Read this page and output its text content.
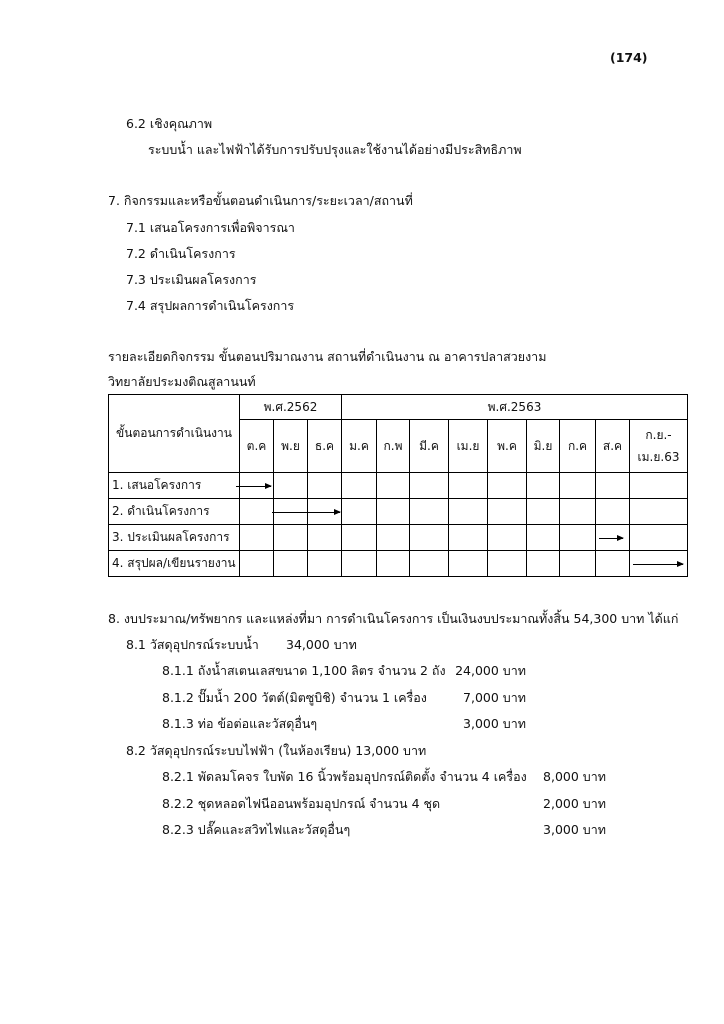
(174)
6.2 เชิงคุณภาพ
ระบบน้ำ และไฟฟ้าได้รับการปรับปรุงและใช้งานได้อย่างมีประสิทธิภาพ
7. กิจกรรมและหรือขั้นตอนดำเนินการ/ระยะเวลา/สถานที่
7.1 เสนอโครงการเพื่อพิจารณา
7.2 ดำเนินโครงการ
7.3 ประเมินผลโครงการ
7.4 สรุปผลการดำเนินโครงการ
รายละเอียดกิจกรรม ขั้นตอนปริมาณงาน สถานที่ดำเนินงาน ณ อาคารปลาสวยงาม
วิทยาลัยประมงติณสูลานนท์
ขั้นตอนการดำเนินงาน	พ.ศ.2562			พ.ศ.2563								
	ต.ค	พ.ย	ธ.ค	ม.ค	ก.พ	มี.ค	เม.ย	พ.ค	มิ.ย	ก.ค	ส.ค	ก.ย.-
เม.ย.63

1. เสนอโครงการ	

2. ดำเนินโครงการ		

3. ประเมินผลโครงการ											

4. สรุปผล/เขียนรายงาน												
8. งบประมาณ/ทรัพยากร และแหล่งที่มา การดำเนินโครงการ เป็นเงินงบประมาณทั้งสิ้น 54,300 บาท ได้แก่
8.1 วัสดุอุปกรณ์ระบบน้ำ 34,000 บาท
8.1.1 ถังน้ำสเตนเลสขนาด 1,100 ลิตร จำนวน 2 ถัง 24,000 บาท
8.1.2 ปั๊มน้ำ 200 วัตต์(มิตซูบิชิ) จำนวน 1 เครื่อง	7,000 บาท
8.1.3 ท่อ ข้อต่อและวัสดุอื่นๆ	3,000 บาท
8.2 วัสดุอุปกรณ์ระบบไฟฟ้า (ในห้องเรียน) 13,000 บาท
8.2.1 พัดลมโคจร ใบพัด 16 นิ้วพร้อมอุปกรณ์ติดตั้ง จำนวน 4 เครื่อง	8,000 บาท
8.2.2 ชุดหลอดไฟนีออนพร้อมอุปกรณ์ จำนวน 4 ชุด	2,000 บาท
8.2.3 ปลั๊คและสวิทไฟและวัสดุอื่นๆ	3,000 บาท
